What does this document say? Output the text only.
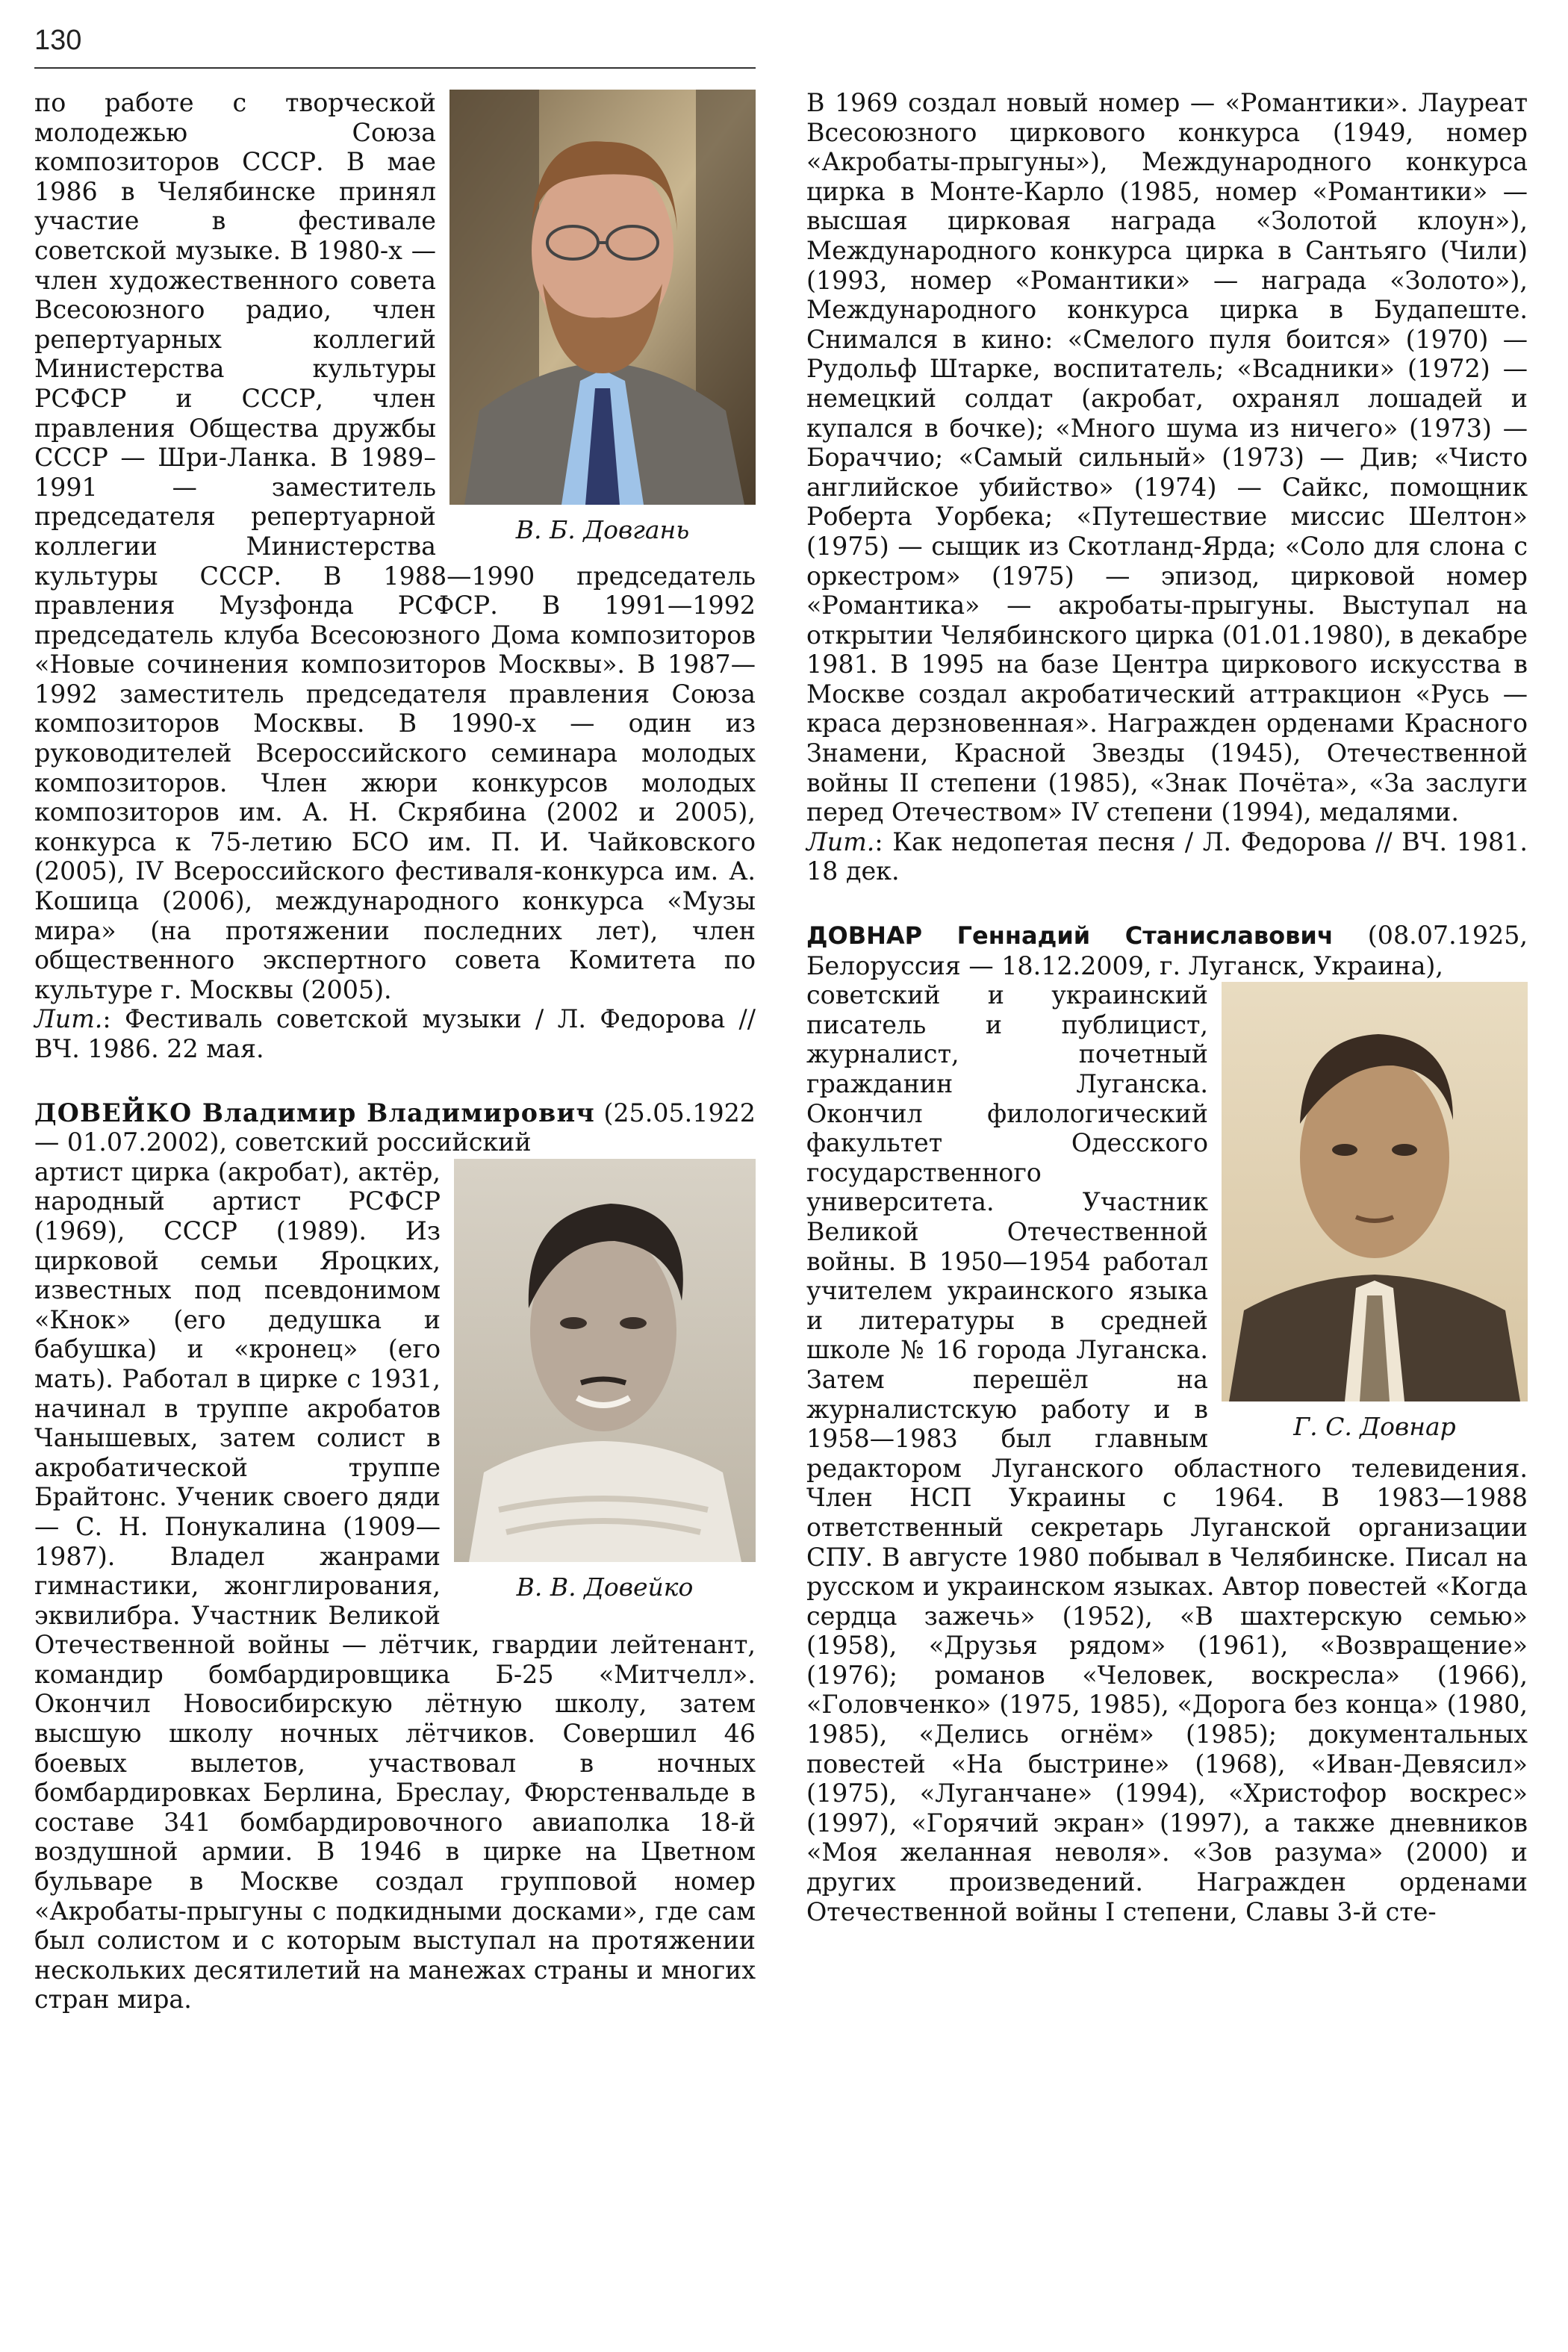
130
В. Б. Довгань

по работе с творческой молодежью Союза композиторов СССР. В мае 1986 в Челябинске принял участие в фестивале советской музыке. В 1980-х — член художественного совета Всесоюзного радио, член репертуарных коллегий Министерства культуры РСФСР и СССР, член правления Общества дружбы СССР — Шри-Ланка. В 1989–1991 — заместитель председателя репертуарной коллегии Министерства культуры СССР. В 1988—1990 председатель правления Музфонда РСФСР. В 1991—1992 председатель клуба Всесоюзного Дома композиторов «Новые сочинения композиторов Москвы». В 1987—1992 заместитель председателя правления Союза композиторов Москвы. В 1990-х — один из руководителей Всероссийского семинара молодых композиторов. Член жюри конкурсов молодых композиторов им. А. Н. Скрябина (2002 и 2005), конкурса к 75-летию БСО им. П. И. Чайковского (2005), IV Всероссийского фестиваля-конкурса им. А. Кошица (2006), международного конкурса «Музы мира» (на протяжении последних лет), член общественного экспертного совета Комитета по культуре г. Москвы (2005).

Лит.: Фестиваль советской музыки / Л. Федорова // ВЧ. 1986. 22 мая.

ДОВЕЙКО Владимир Владимирович (25.05.1922 — 01.07.2002), советский российский

В. В. Довейко

артист цирка (акробат), актёр, народный артист РСФСР (1969), СССР (1989). Из цирковой семьи Яроцких, известных под псевдонимом «Кнок» (его дедушка и бабушка) и «кронец» (его мать). Работал в цирке с 1931, начинал в труппе акробатов Чанышевых, затем солист в акробатической труппе Брайтонс. Ученик своего дяди — С. Н. Понукалина (1909—1987). Владел жанрами гимнастики, жонглирования, эквилибра. Участник Великой Отечественной войны — лётчик, гвардии лейтенант, командир бомбардировщика Б-25 «Митчелл». Окончил Новосибирскую лётную школу, затем высшую школу ночных лётчиков. Совершил 46 боевых вылетов, участвовал в ночных бомбардировках Берлина, Бреслау, Фюрстенвальде в составе 341 бомбардировочного авиаполка 18-й воздушной армии. В 1946 в цирке на Цветном бульваре в Москве создал групповой номер «Акробаты-прыгуны с подкидными досками», где сам был солистом и с которым выступал на протяжении нескольких десятилетий на манежах страны и многих стран мира.

В 1969 создал новый номер — «Романтики». Лауреат Всесоюзного циркового конкурса (1949, номер «Акробаты-прыгуны»), Международного конкурса цирка в Монте-Карло (1985, номер «Романтики» — высшая цирковая награда «Золотой клоун»), Международного конкурса цирка в Сантьяго (Чили) (1993, номер «Романтики» — награда «Золото»), Международного конкурса цирка в Будапеште. Снимался в кино: «Смелого пуля боится» (1970) — Рудольф Штарке, воспитатель; «Всадники» (1972) — немецкий солдат (акробат, охранял лошадей и купался в бочке); «Много шума из ничего» (1973) — Бораччио; «Самый сильный» (1973) — Див; «Чисто английское убийство» (1974) — Сайкс, помощник Роберта Уорбека; «Путешествие миссис Шелтон» (1975) — сыщик из Скотланд-Ярда; «Соло для слона с оркестром» (1975) — эпизод, цирковой номер «Романтика» — акробаты-прыгуны. Выступал на открытии Челябинского цирка (01.01.1980), в декабре 1981. В 1995 на базе Центра циркового искусства в Москве создал акробатический аттракцион «Русь — краса дерзновенная». Награжден орденами Красного Знамени, Красной Звезды (1945), Отечественной войны II степени (1985), «Знак Почёта», «За заслуги перед Отечеством» IV степени (1994), медалями.

Лит.: Как недопетая песня / Л. Федорова // ВЧ. 1981. 18 дек.

ДОВНАР Геннадий Станиславович (08.07.1925, Белоруссия — 18.12.2009, г. Луганск, Украина),

Г. С. Довнар

советский и украинский писатель и публицист, журналист, почетный гражданин Луганска. Окончил филологический факультет Одесского государственного университета. Участник Великой Отечественной войны. В 1950—1954 работал учителем украинского языка и литературы в средней школе № 16 города Луганска. Затем перешёл на журналистскую работу и в 1958—1983 был главным редактором Луганского областного телевидения. Член НСП Украины с 1964. В 1983—1988 ответственный секретарь Луганской организации СПУ. В августе 1980 побывал в Челябинске. Писал на русском и украинском языках. Автор повестей «Когда сердца зажечь» (1952), «В шахтерскую семью» (1958), «Друзья рядом» (1961), «Возвращение» (1976); романов «Человек, воскресла» (1966), «Головченко» (1975, 1985), «Дорога без конца» (1980, 1985), «Делись огнём» (1985); документальных повестей «На быстрине» (1968), «Иван-Девясил» (1975), «Луганчане» (1994), «Христофор воскрес» (1997), «Горячий экран» (1997), а также дневников «Моя желанная неволя». «Зов разума» (2000) и других произведений. Награжден орденами Отечественной войны I степени, Славы 3-й сте-
